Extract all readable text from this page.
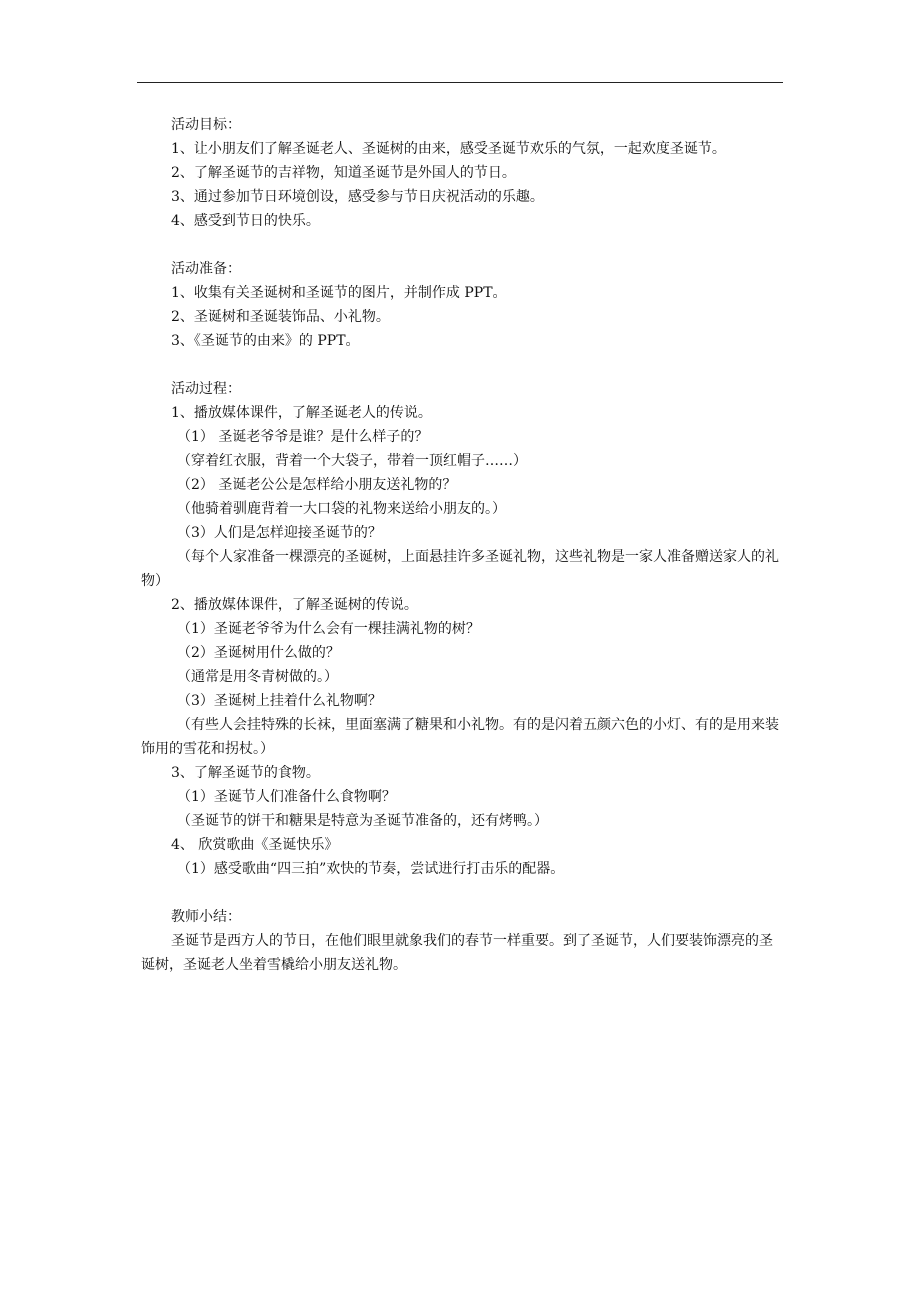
活动目标：

1、让小朋友们了解圣诞老人、圣诞树的由来，感受圣诞节欢乐的气氛，一起欢度圣诞节。

2、了解圣诞节的吉祥物，知道圣诞节是外国人的节日。

3、通过参加节日环境创设，感受参与节日庆祝活动的乐趣。

4、感受到节日的快乐。

活动准备：

1、收集有关圣诞树和圣诞节的图片，并制作成 PPT。

2、圣诞树和圣诞装饰品、小礼物。

3、《圣诞节的由来》的 PPT。

活动过程：

1、播放媒体课件，了解圣诞老人的传说。

（1） 圣诞老爷爷是谁？是什么样子的？

（穿着红衣服，背着一个大袋子，带着一顶红帽子……）

（2） 圣诞老公公是怎样给小朋友送礼物的？

（他骑着驯鹿背着一大口袋的礼物来送给小朋友的。）

（3）人们是怎样迎接圣诞节的？

（每个人家准备一棵漂亮的圣诞树，上面悬挂许多圣诞礼物，这些礼物是一家人准备赠送家人的礼物）

2、播放媒体课件，了解圣诞树的传说。

（1）圣诞老爷爷为什么会有一棵挂满礼物的树？

（2）圣诞树用什么做的？

（通常是用冬青树做的。）

（3）圣诞树上挂着什么礼物啊？

（有些人会挂特殊的长袜，里面塞满了糖果和小礼物。有的是闪着五颜六色的小灯、有的是用来装饰用的雪花和拐杖。）

3、了解圣诞节的食物。

（1）圣诞节人们准备什么食物啊？

（圣诞节的饼干和糖果是特意为圣诞节准备的，还有烤鸭。）

4、 欣赏歌曲《圣诞快乐》

（1）感受歌曲“四三拍”欢快的节奏，尝试进行打击乐的配器。

教师小结：

圣诞节是西方人的节日，在他们眼里就象我们的春节一样重要。到了圣诞节，人们要装饰漂亮的圣诞树，圣诞老人坐着雪橇给小朋友送礼物。
